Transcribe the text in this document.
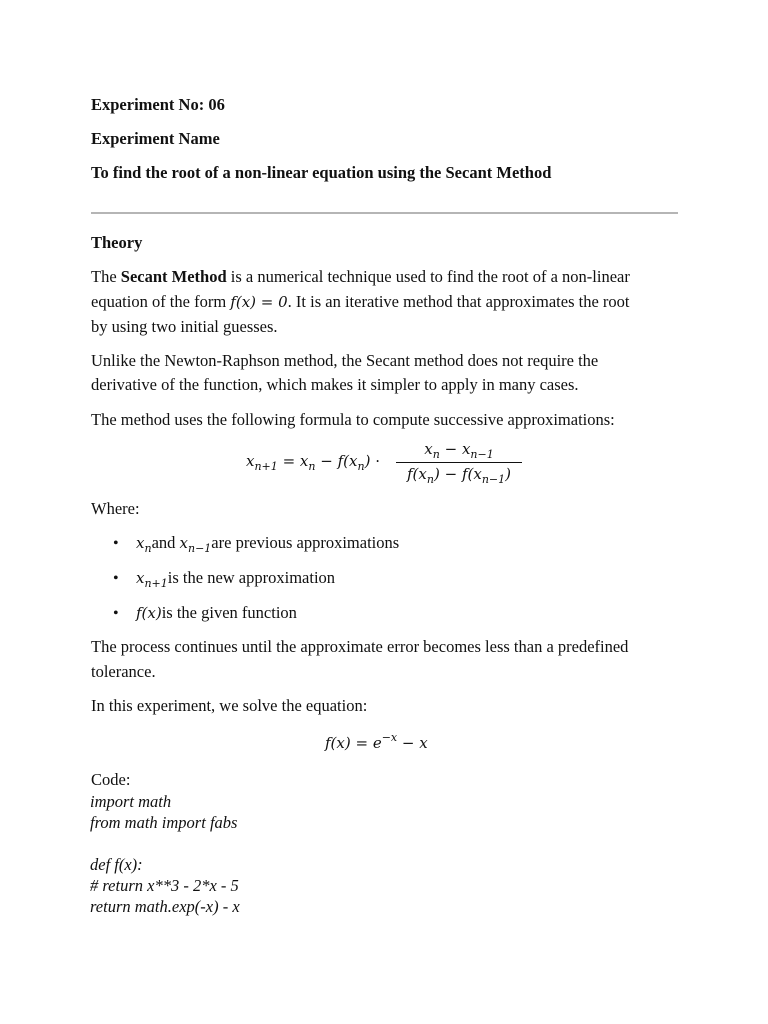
Experiment No: 06
Experiment Name
To find the root of a non-linear equation using the Secant Method
Theory
The Secant Method is a numerical technique used to find the root of a non-linear
equation of the form f(x) = 0. It is an iterative method that approximates the root
by using two initial guesses.
Unlike the Newton-Raphson method, the Secant method does not require the
derivative of the function, which makes it simpler to apply in many cases.
The method uses the following formula to compute successive approximations:
$x_{n+1} = x_n - f(x_n)$ ·
$x_n - x_{n-1}$
$f(x_n) - f(x_{n-1})$
Where:
• $x_nand$ $x_{n-1}are$ previous approximations
• $x_{n+1}is$ the new approximation
• f(x)is the given function
The process continues until the approximate error becomes less than a predefined
tolerance.
In this experiment, we solve the equation:
$f(x) = e^{-x} - x$
Code:
import math
from math import fabs
def f(x):
# return x**3 - 2*x - 5
return math.exp(-x) - x
